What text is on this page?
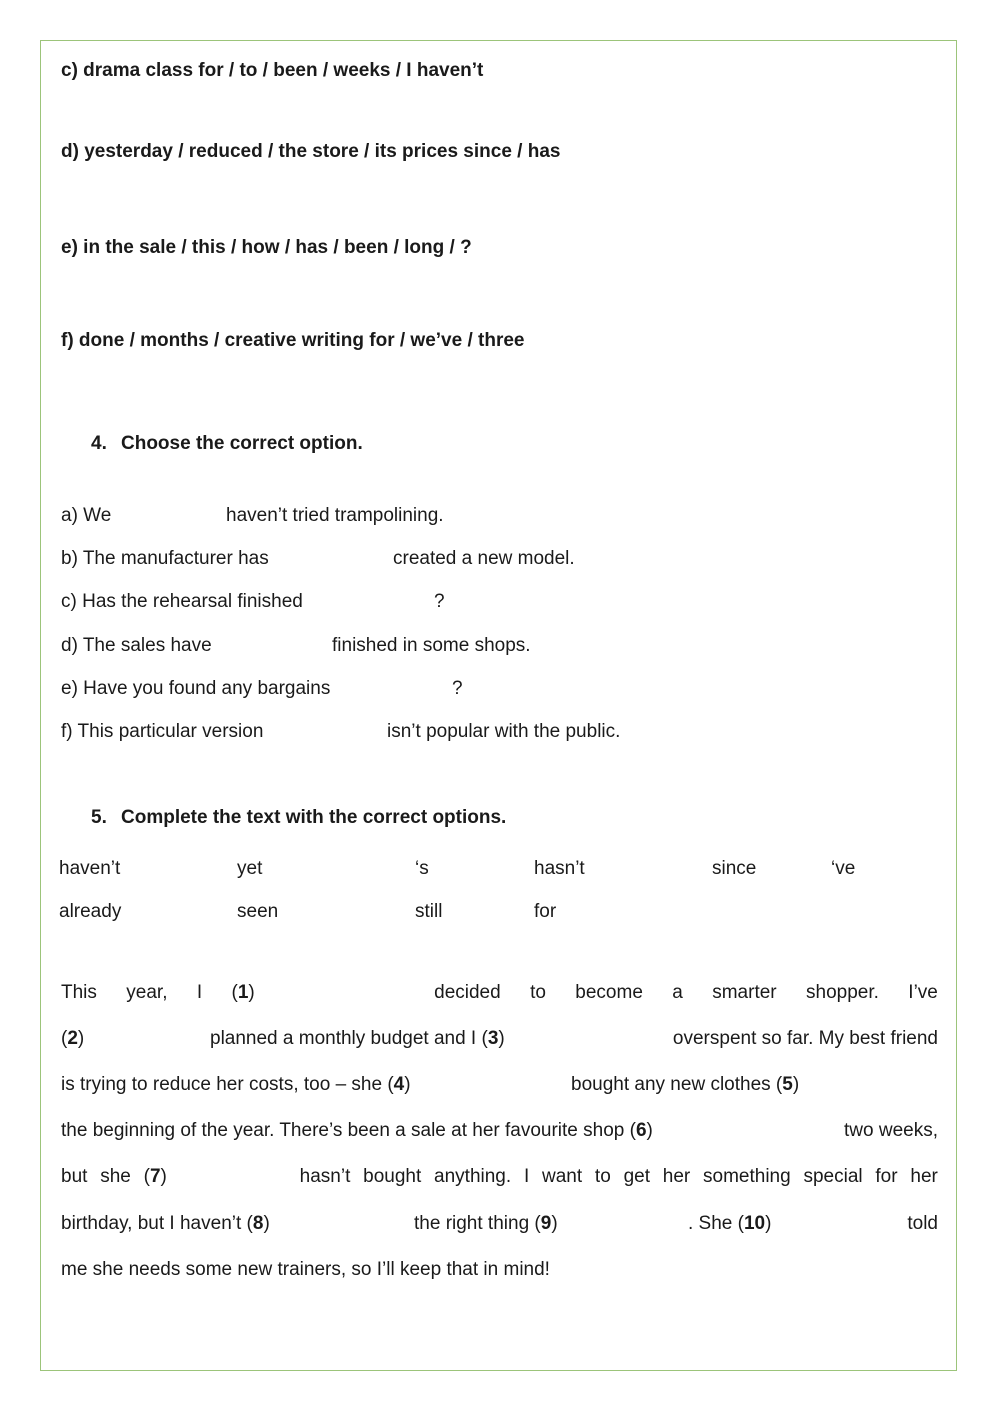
c) drama class for / to / been / weeks / I haven’t
d) yesterday / reduced / the store / its prices since / has
e) in the sale / this / how / has / been / long / ?
f) done / months / creative writing for / we’ve / three
4. Choose the correct option.
a) We	haven’t tried trampolining.
b) The manufacturer has	created a new model.
c) Has the rehearsal finished	?
d) The sales have	finished in some shops.
e) Have you found any bargains	?
f) This particular version	isn’t popular with the public.
5. Complete the text with the correct options.
haven’t	yet	‘s	hasn’t	since	‘ve
already	seen	still	for
This year, I (1)	decided to become a smarter shopper. I’ve
(2)	planned a monthly budget and I (3)	overspent so far. My best friend
is trying to reduce her costs, too – she (4)	bought any new clothes (5)
the beginning of the year. There’s been a sale at her favourite shop (6)	two weeks,
but she (7)	hasn’t bought anything. I want to get her something special for her
birthday, but I haven’t (8)	the right thing (9)	. She (10)	told
me she needs some new trainers, so I’ll keep that in mind!
